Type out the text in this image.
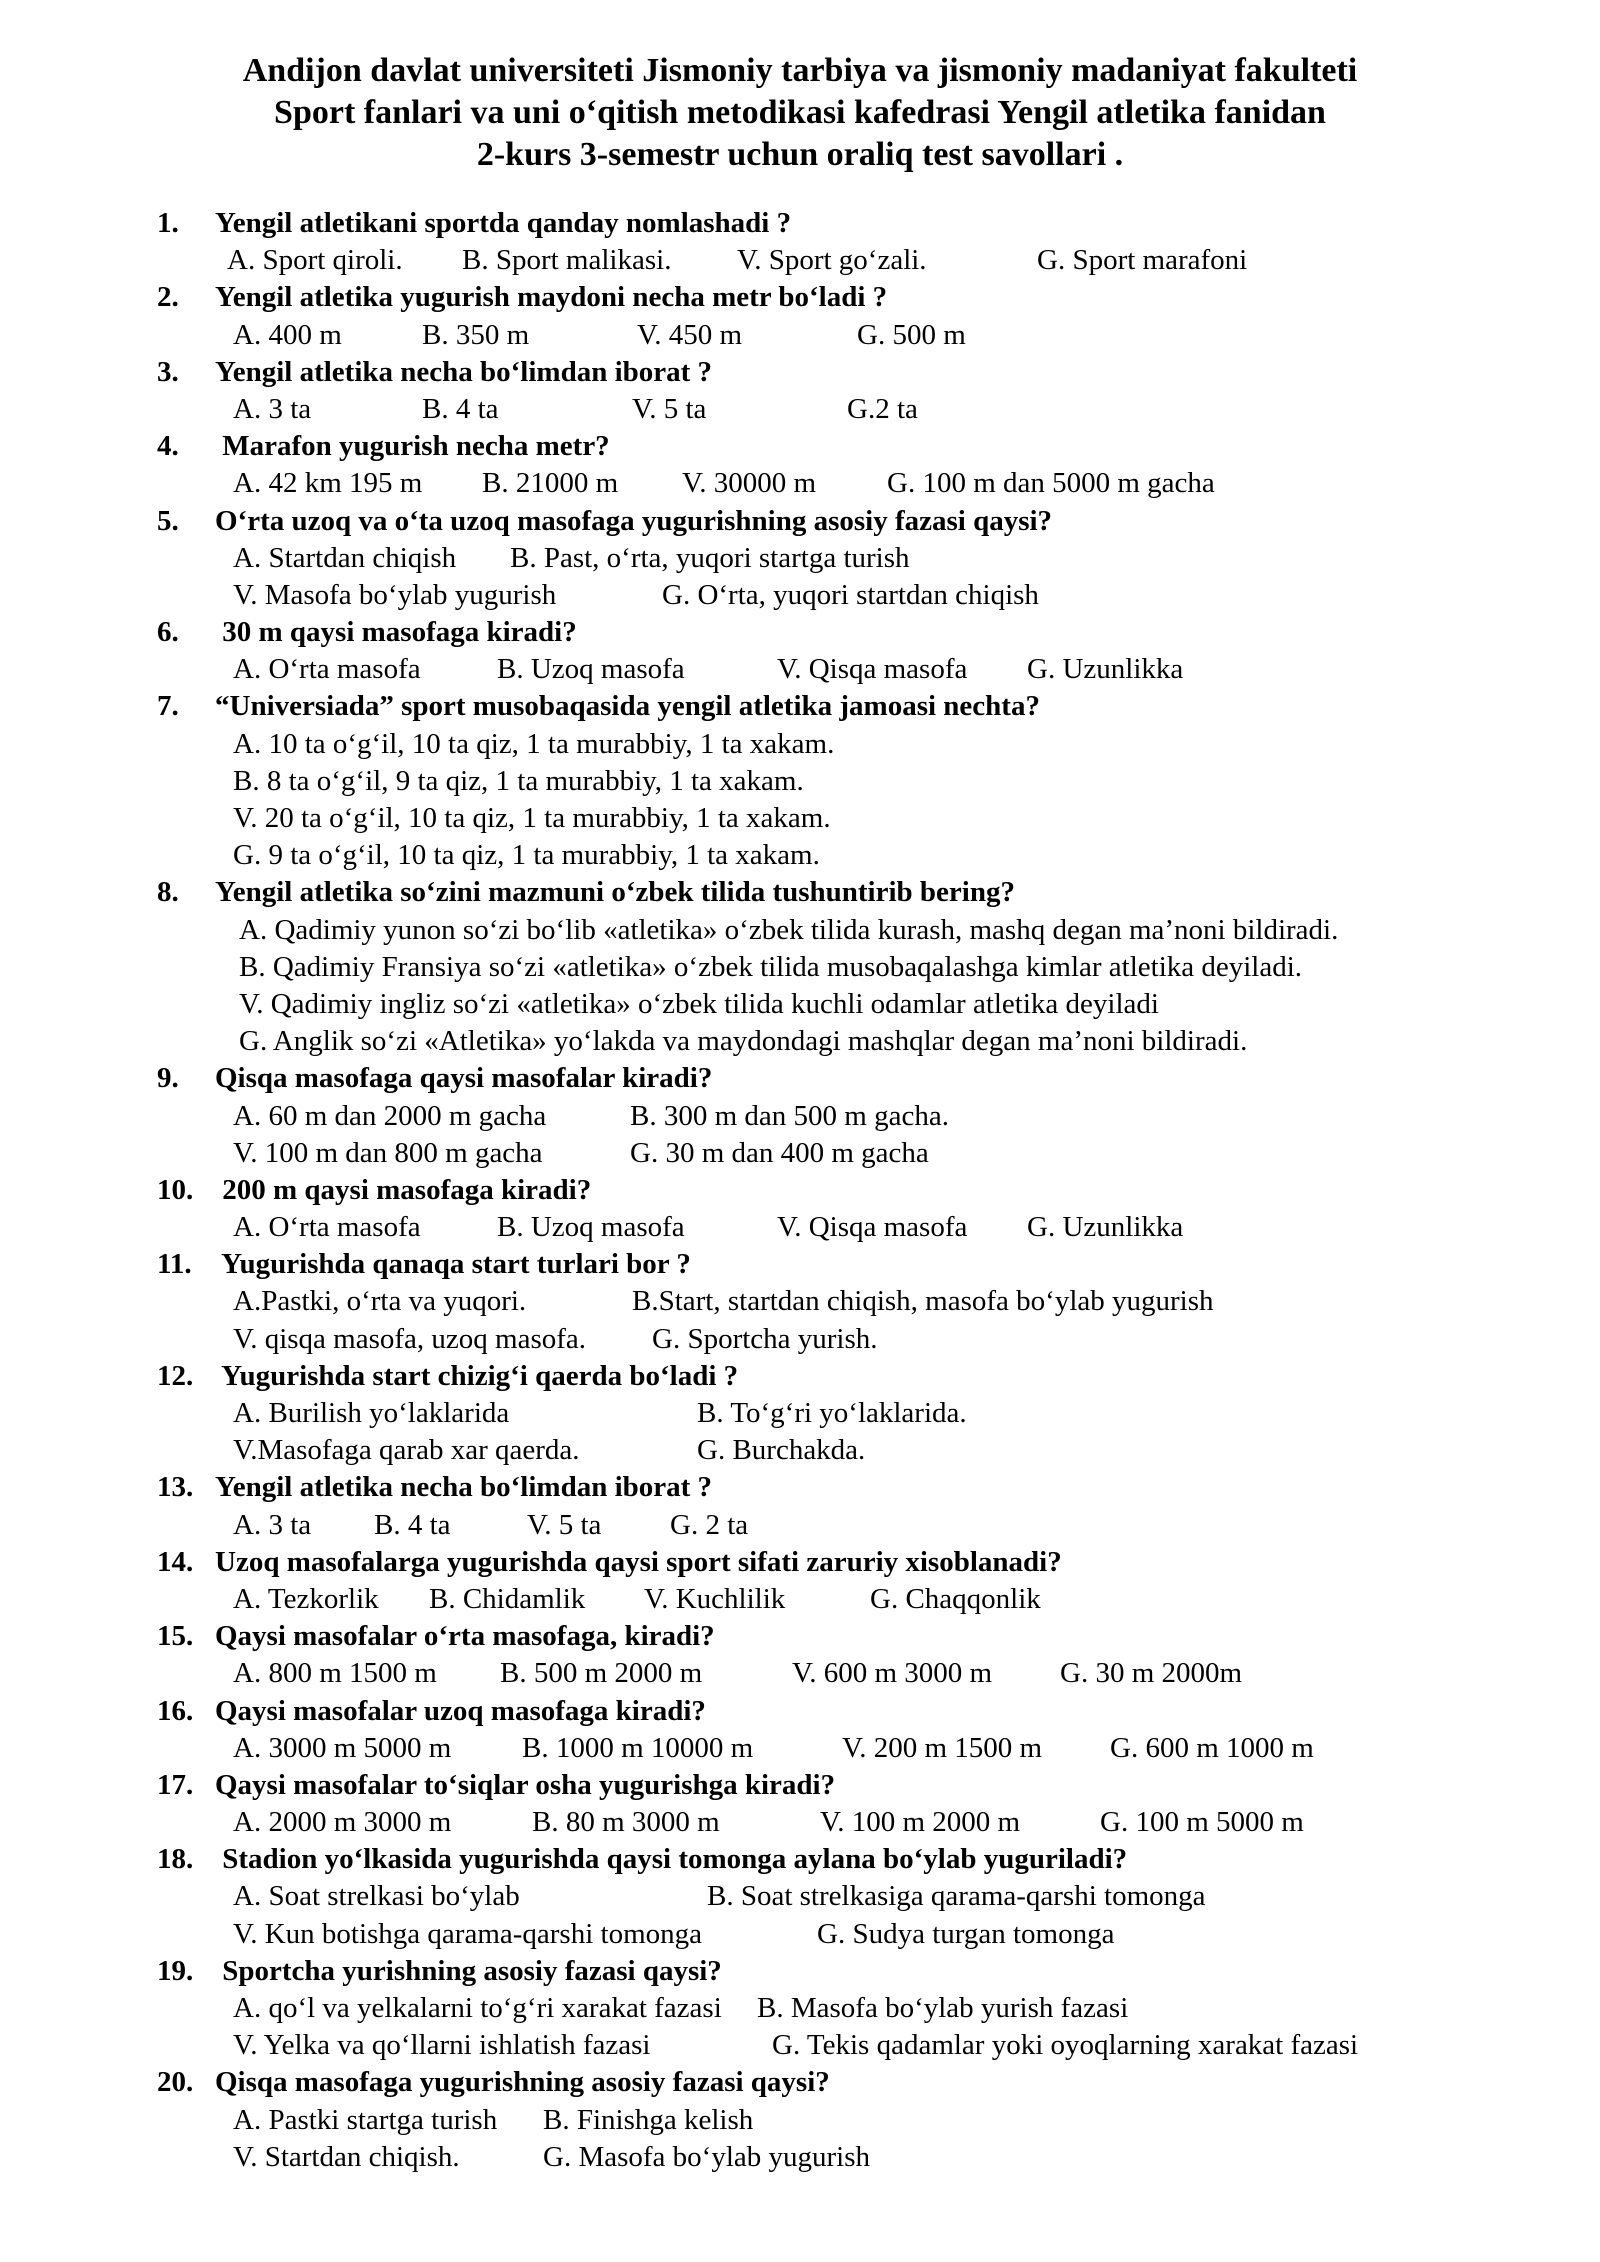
Andijon davlat universiteti Jismoniy tarbiya va jismoniy madaniyat fakulteti
Sport fanlari va uni o‘qitish metodikasi kafedrasi Yengil atletika fanidan
2-kurs 3-semestr uchun oraliq test savollari .
1. Yengil atletikani sportda qanday nomlashadi ?
A. Sport qiroli. B. Sport malikasi. V. Sport go‘zali.	G. Sport marafoni
2. Yengil atletika yugurish maydoni necha metr bo‘ladi ?
A. 400 m	B. 350 m	V. 450 m	G. 500 m
3. Yengil atletika necha bo‘limdan iborat ?
A. 3 ta	B. 4 ta	V. 5 ta	G.2 ta
4. Marafon yugurish necha metr?
A. 42 km 195 m B. 21000 m V. 30000 m G. 100 m dan 5000 m gacha
5. O‘rta uzoq va o‘ta uzoq masofaga yugurishning asosiy fazasi qaysi?
A. Startdan chiqish B. Past, o‘rta, yuqori startga turish
V. Masofa bo‘ylab yugurish	G. O‘rta, yuqori startdan chiqish
6. 30 m qaysi masofaga kiradi?
A. O‘rta masofa	B. Uzoq masofa	V. Qisqa masofa G. Uzunlikka
7. “Universiada” sport musobaqasida yengil atletika jamoasi nechta?
A. 10 ta o‘g‘il, 10 ta qiz, 1 ta murabbiy, 1 ta xakam.
B. 8 ta o‘g‘il, 9 ta qiz, 1 ta murabbiy, 1 ta xakam.
V. 20 ta o‘g‘il, 10 ta qiz, 1 ta murabbiy, 1 ta xakam.
G. 9 ta o‘g‘il, 10 ta qiz, 1 ta murabbiy, 1 ta xakam.
8. Yengil atletika so‘zini mazmuni o‘zbek tilida tushuntirib bering?
A. Qadimiy yunon so‘zi bo‘lib «atletika» o‘zbek tilida kurash, mashq degan ma’noni bildiradi.
B. Qadimiy Fransiya so‘zi «atletika» o‘zbek tilida musobaqalashga kimlar atletika deyiladi.
V. Qadimiy ingliz so‘zi «atletika» o‘zbek tilida kuchli odamlar atletika deyiladi
G. Anglik so‘zi «Atletika» yo‘lakda va maydondagi mashqlar degan ma’noni bildiradi.
9. Qisqa masofaga qaysi masofalar kiradi?
A. 60 m dan 2000 m gacha	B. 300 m dan 500 m gacha.
V. 100 m dan 800 m gacha	G. 30 m dan 400 m gacha
10. 200 m qaysi masofaga kiradi?
A. O‘rta masofa	B. Uzoq masofa	V. Qisqa masofa G. Uzunlikka
11. Yugurishda qanaqa start turlari bor ?
A.Pastki, o‘rta va yuqori.	B.Start, startdan chiqish, masofa bo‘ylab yugurish
V. qisqa masofa, uzoq masofa. G. Sportcha yurish.
12. Yugurishda start chizig‘i qaerda bo‘ladi ?
A. Burilish yo‘laklarida	B. To‘g‘ri yo‘laklarida.
V.Masofaga qarab xar qaerda.	G. Burchakda.
13. Yengil atletika necha bo‘limdan iborat ?
A. 3 ta B. 4 ta	V. 5 ta G. 2 ta
14. Uzoq masofalarga yugurishda qaysi sport sifati zaruriy xisoblanadi?
A. Tezkorlik B. Chidamlik V. Kuchlilik	G. Chaqqonlik
15. Qaysi masofalar o‘rta masofaga, kiradi?
A. 800 m 1500 m B. 500 m 2000 m	V. 600 m 3000 m G. 30 m 2000m
16. Qaysi masofalar uzoq masofaga kiradi?
A. 3000 m 5000 m B. 1000 m 10000 m	V. 200 m 1500 m G. 600 m 1000 m
17. Qaysi masofalar to‘siqlar osha yugurishga kiradi?
A. 2000 m 3000 m	B. 80 m 3000 m	V. 100 m 2000 m	G. 100 m 5000 m
18. Stadion yo‘lkasida yugurishda qaysi tomonga aylana bo‘ylab yuguriladi?
A. Soat strelkasi bo‘ylab	B. Soat strelkasiga qarama-qarshi tomonga
V. Kun botishga qarama-qarshi tomonga	G. Sudya turgan tomonga
19. Sportcha yurishning asosiy fazasi qaysi?
A. qo‘l va yelkalarni to‘g‘ri xarakat fazasi B. Masofa bo‘ylab yurish fazasi
V. Yelka va qo‘llarni ishlatish fazasi	G. Tekis qadamlar yoki oyoqlarning xarakat fazasi
20. Qisqa masofaga yugurishning asosiy fazasi qaysi?
A. Pastki startga turish B. Finishga kelish
V. Startdan chiqish.	G. Masofa bo‘ylab yugurish
